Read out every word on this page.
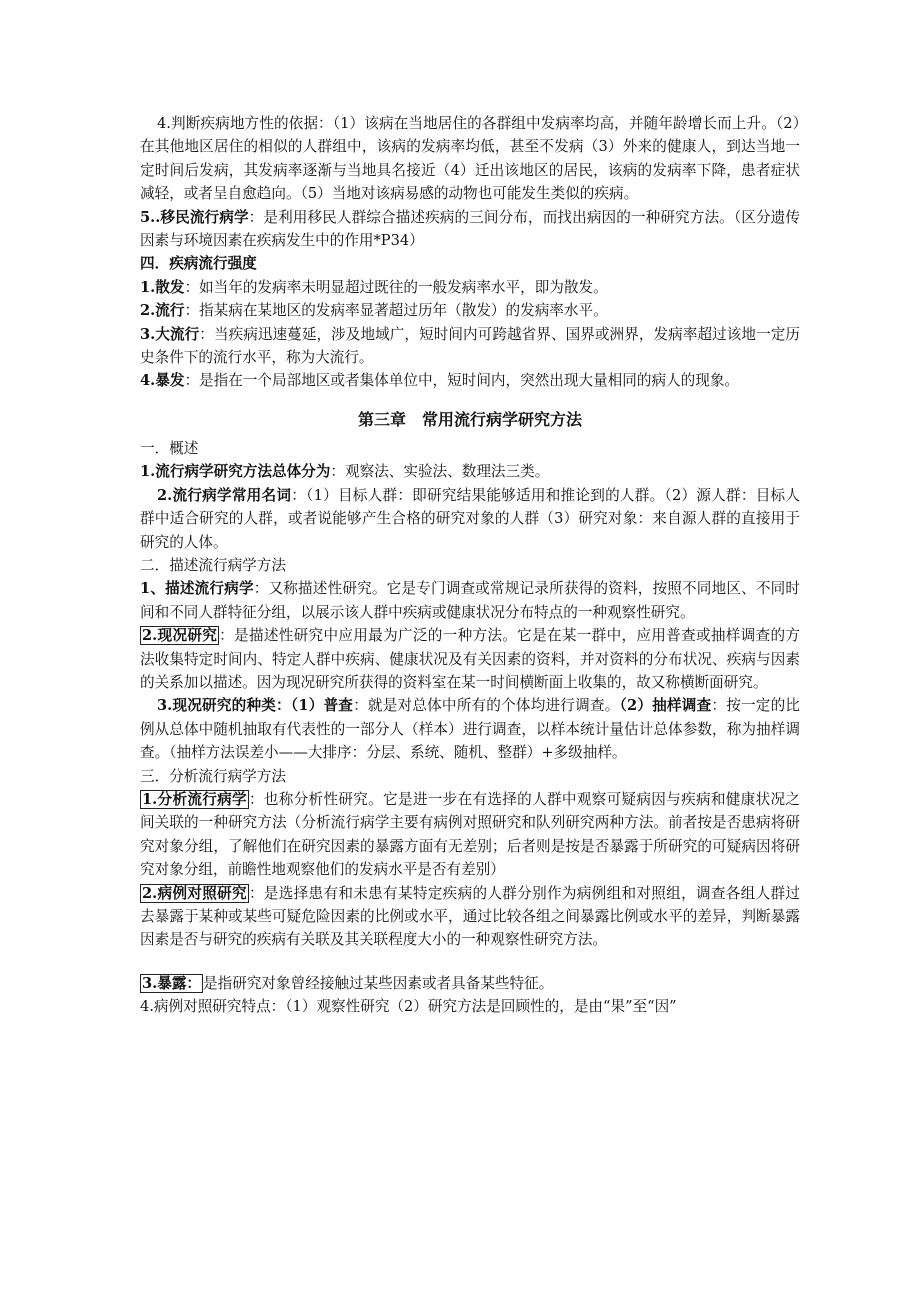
4.判断疾病地方性的依据：（1）该病在当地居住的各群组中发病率均高，并随年龄增长而上升。（2）在其他地区居住的相似的人群组中，该病的发病率均低，甚至不发病（3）外来的健康人，到达当地一定时间后发病，其发病率逐渐与当地具名接近（4）迁出该地区的居民，该病的发病率下降，患者症状减轻，或者呈自愈趋向。（5）当地对该病易感的动物也可能发生类似的疾病。

5..移民流行病学：是利用移民人群综合描述疾病的三间分布，而找出病因的一种研究方法。（区分遗传因素与环境因素在疾病发生中的作用*P34）

四．疾病流行强度

1.散发：如当年的发病率未明显超过既往的一般发病率水平，即为散发。

2.流行：指某病在某地区的发病率显著超过历年（散发）的发病率水平。

3.大流行：当疾病迅速蔓延，涉及地域广，短时间内可跨越省界、国界或洲界，发病率超过该地一定历史条件下的流行水平，称为大流行。

4.暴发：是指在一个局部地区或者集体单位中，短时间内，突然出现大量相同的病人的现象。

第三章　常用流行病学研究方法

一．概述

1.流行病学研究方法总体分为：观察法、实验法、数理法三类。

2.流行病学常用名词：（1）目标人群：即研究结果能够适用和推论到的人群。（2）源人群：目标人群中适合研究的人群，或者说能够产生合格的研究对象的人群（3）研究对象：来自源人群的直接用于研究的人体。

二．描述流行病学方法

1、描述流行病学：又称描述性研究。它是专门调查或常规记录所获得的资料，按照不同地区、不同时间和不同人群特征分组，以展示该人群中疾病或健康状况分布特点的一种观察性研究。

2.现况研究 ：是描述性研究中应用最为广泛的一种方法。它是在某一群中，应用普查或抽样调查的方法收集特定时间内、特定人群中疾病、健康状况及有关因素的资料，并对资料的分布状况、疾病与因素的关系加以描述。因为现况研究所获得的资料室在某一时间横断面上收集的，故又称横断面研究。

3.现况研究的种类：（1）普查：就是对总体中所有的个体均进行调查。（2）抽样调查：按一定的比例从总体中随机抽取有代表性的一部分人（样本）进行调查，以样本统计量估计总体参数，称为抽样调查。（抽样方法误差小——大排序：分层、系统、随机、整群）+多级抽样。

三．分析流行病学方法

1.分析流行病学 ：也称分析性研究。它是进一步在有选择的人群中观察可疑病因与疾病和健康状况之间关联的一种研究方法（分析流行病学主要有病例对照研究和队列研究两种方法。前者按是否患病将研究对象分组，了解他们在研究因素的暴露方面有无差别；后者则是按是否暴露于所研究的可疑病因将研究对象分组，前瞻性地观察他们的发病水平是否有差别）

2.病例对照研究 ：是选择患有和未患有某特定疾病的人群分别作为病例组和对照组，调查各组人群过去暴露于某种或某些可疑危险因素的比例或水平，通过比较各组之间暴露比例或水平的差异，判断暴露因素是否与研究的疾病有关联及其关联程度大小的一种观察性研究方法。

3.暴露： 是指研究对象曾经接触过某些因素或者具备某些特征。

4.病例对照研究特点：（1）观察性研究（2）研究方法是回顾性的，是由“果”至“因”
